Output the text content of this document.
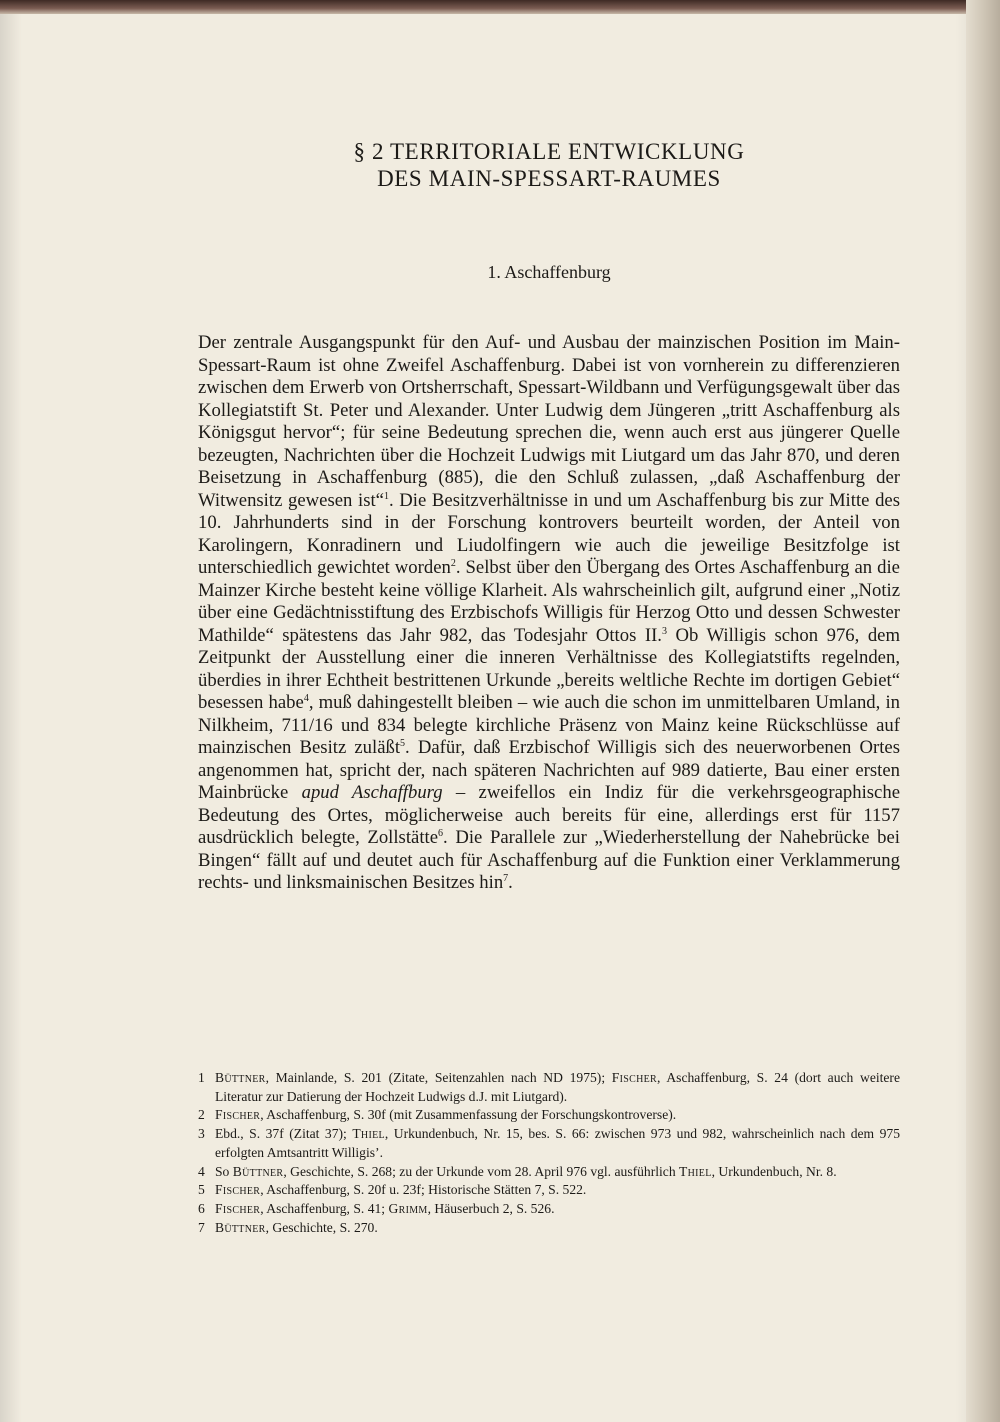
§ 2 TERRITORIALE ENTWICKLUNG
DES MAIN-SPESSART-RAUMES
1. Aschaffenburg

Der zentrale Ausgangspunkt für den Auf- und Ausbau der mainzischen Position im Main-Spessart-Raum ist ohne Zweifel Aschaffenburg. Dabei ist von vornherein zu differenzieren zwischen dem Erwerb von Ortsherrschaft, Spessart-Wildbann und Verfügungsgewalt über das Kollegiatstift St. Peter und Alexander. Unter Ludwig dem Jüngeren „tritt Aschaffenburg als Königsgut hervor“; für seine Bedeutung sprechen die, wenn auch erst aus jüngerer Quelle bezeugten, Nachrichten über die Hochzeit Ludwigs mit Liutgard um das Jahr 870, und deren Beisetzung in Aschaffenburg (885), die den Schluß zulassen, „daß Aschaffenburg der Witwensitz gewesen ist“$^1$. Die Besitzverhältnisse in und um Aschaffenburg bis zur Mitte des 10. Jahrhunderts sind in der Forschung kontrovers beurteilt worden, der Anteil von Karolingern, Konradinern und Liudolfingern wie auch die jeweilige Besitzfolge ist unterschiedlich gewichtet worden$^2$. Selbst über den Übergang des Ortes Aschaffenburg an die Mainzer Kirche besteht keine völlige Klarheit. Als wahrscheinlich gilt, aufgrund einer „Notiz über eine Gedächtnisstiftung des Erzbischofs Willigis für Herzog Otto und dessen Schwester Mathilde“ spätestens das Jahr 982, das Todesjahr Ottos II.$^3$ Ob Willigis schon 976, dem Zeitpunkt der Ausstellung einer die inneren Verhältnisse des Kollegiatstifts regelnden, überdies in ihrer Echtheit bestrittenen Urkunde „bereits weltliche Rechte im dortigen Gebiet“ besessen habe$^4$, muß dahingestellt bleiben – wie auch die schon im unmittelbaren Umland, in Nilkheim, 711/16 und 834 belegte kirchliche Präsenz von Mainz keine Rückschlüsse auf mainzischen Besitz zuläßt$^5$. Dafür, daß Erzbischof Willigis sich des neuerworbenen Ortes angenommen hat, spricht der, nach späteren Nachrichten auf 989 datierte, Bau einer ersten Mainbrücke apud Aschaffburg – zweifellos ein Indiz für die verkehrsgeographische Bedeutung des Ortes, möglicherweise auch bereits für eine, allerdings erst für 1157 ausdrücklich belegte, Zollstätte$^6$. Die Parallele zur „Wiederherstellung der Nahebrücke bei Bingen“ fällt auf und deutet auch für Aschaffenburg auf die Funktion einer Verklammerung rechts- und linksmainischen Besitzes hin$^7$.

1 Büttner, Mainlande, S. 201 (Zitate, Seitenzahlen nach ND 1975); Fischer, Aschaffenburg, S. 24 (dort auch weitere Literatur zur Datierung der Hochzeit Ludwigs d.J. mit Liutgard).
2 Fischer, Aschaffenburg, S. 30f (mit Zusammenfassung der Forschungskontroverse).
3 Ebd., S. 37f (Zitat 37); Thiel, Urkundenbuch, Nr. 15, bes. S. 66: zwischen 973 und 982, wahrscheinlich nach dem 975 erfolgten Amtsantritt Willigis’.
4 So Büttner, Geschichte, S. 268; zu der Urkunde vom 28. April 976 vgl. ausführlich Thiel, Urkundenbuch, Nr. 8.
5 Fischer, Aschaffenburg, S. 20f u. 23f; Historische Stätten 7, S. 522.
6 Fischer, Aschaffenburg, S. 41; Grimm, Häuserbuch 2, S. 526.
7 Büttner, Geschichte, S. 270.
